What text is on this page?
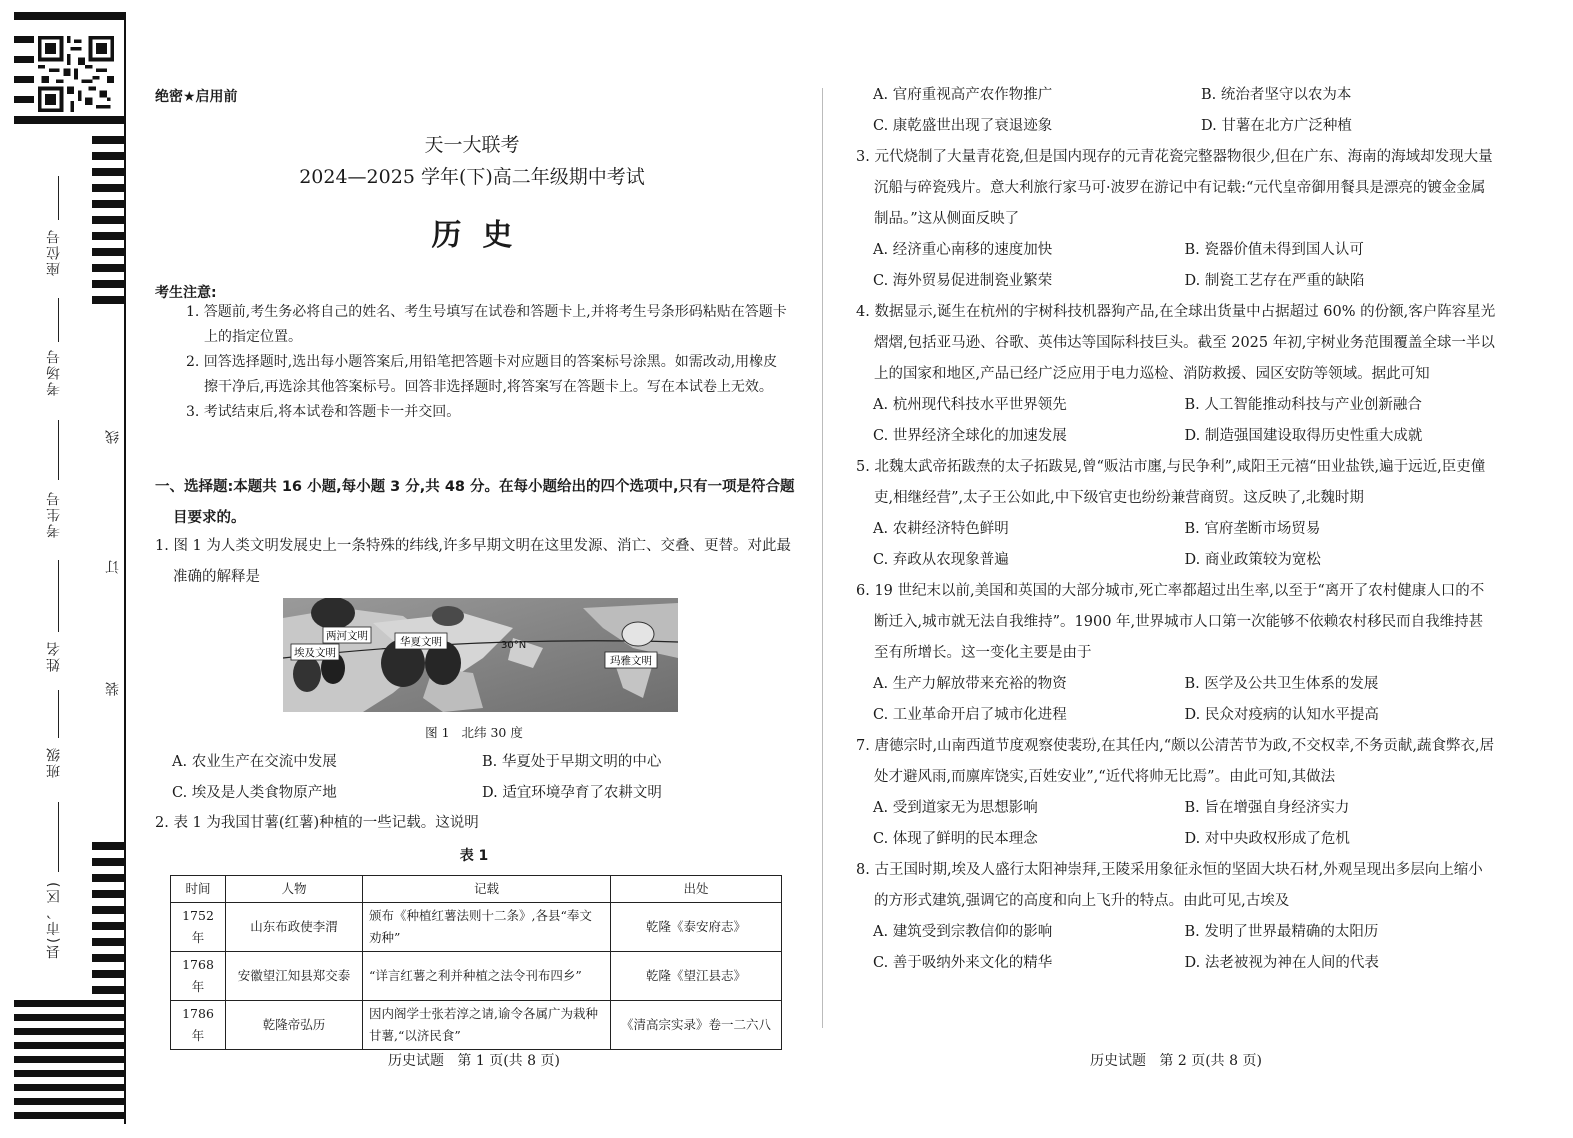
座位号
考场号
考生号
姓名
班级
县(市、区)
线
订
装
绝密★启用前
天一大联考
2024—2025 学年(下)高二年级期中考试
历  史
考生注意:

1. 答题前,考生务必将自己的姓名、考生号填写在试卷和答题卡上,并将考生号条形码粘贴在答题卡上的指定位置。

2. 回答选择题时,选出每小题答案后,用铅笔把答题卡对应题目的答案标号涂黑。如需改动,用橡皮擦干净后,再选涂其他答案标号。回答非选择题时,将答案写在答题卡上。写在本试卷上无效。

3. 考试结束后,将本试卷和答题卡一并交回。

一、选择题:本题共 16 小题,每小题 3 分,共 48 分。在每小题给出的四个选项中,只有一项是符合题目要求的。

1. 图 1 为人类文明发展史上一条特殊的纬线,许多早期文明在这里发源、消亡、交叠、更替。对此最准确的解释是

两河文明
埃及文明
华夏文明
玛雅文明
30°N
图 1   北纬 30 度
A. 农业生产在交流中发展	B. 华夏处于早期文明的中心
C. 埃及是人类食物原产地	D. 适宜环境孕育了农耕文明

2. 表 1 为我国甘薯(红薯)种植的一些记载。这说明

表 1
时间	人物	记载	出处
1752 年	山东布政使李渭	颁布《种植红薯法则十二条》,各县“奉文劝种”	乾隆《泰安府志》
1768 年	安徽望江知县郑交泰	“详言红薯之利并种植之法令刊布四乡”	乾隆《望江县志》
1786 年	乾隆帝弘历	因内阁学士张若淳之请,谕令各属广为栽种甘薯,“以济民食”	《清高宗实录》卷一二六八
历史试题   第 1 页(共 8 页)
A. 官府重视高产农作物推广	B. 统治者坚守以农为本
C. 康乾盛世出现了衰退迹象	D. 甘薯在北方广泛种植

3. 元代烧制了大量青花瓷,但是国内现存的元青花瓷完整器物很少,但在广东、海南的海域却发现大量沉船与碎瓷残片。意大利旅行家马可·波罗在游记中有记载:“元代皇帝御用餐具是漂亮的镀金金属制品。”这从侧面反映了

A. 经济重心南移的速度加快	B. 瓷器价值未得到国人认可
C. 海外贸易促进制瓷业繁荣	D. 制瓷工艺存在严重的缺陷

4. 数据显示,诞生在杭州的宇树科技机器狗产品,在全球出货量中占据超过 60% 的份额,客户阵容星光熠熠,包括亚马逊、谷歌、英伟达等国际科技巨头。截至 2025 年初,宇树业务范围覆盖全球一半以上的国家和地区,产品已经广泛应用于电力巡检、消防救援、园区安防等领域。据此可知

A. 杭州现代科技水平世界领先	B. 人工智能推动科技与产业创新融合
C. 世界经济全球化的加速发展	D. 制造强国建设取得历史性重大成就

5. 北魏太武帝拓跋焘的太子拓跋晃,曾“贩沽市廛,与民争利”,咸阳王元禧“田业盐铁,遍于远近,臣吏僮吏,相继经营”,太子王公如此,中下级官吏也纷纷兼营商贸。这反映了,北魏时期

A. 农耕经济特色鲜明	B. 官府垄断市场贸易
C. 弃政从农现象普遍	D. 商业政策较为宽松

6. 19 世纪末以前,美国和英国的大部分城市,死亡率都超过出生率,以至于“离开了农村健康人口的不断迁入,城市就无法自我维持”。1900 年,世界城市人口第一次能够不依赖农村移民而自我维持甚至有所增长。这一变化主要是由于

A. 生产力解放带来充裕的物资	B. 医学及公共卫生体系的发展
C. 工业革命开启了城市化进程	D. 民众对疫病的认知水平提高

7. 唐德宗时,山南西道节度观察使裴玢,在其任内,“颇以公清苦节为政,不交权幸,不务贡献,蔬食弊衣,居处才避风雨,而廪库饶实,百姓安业”,“近代将帅无比焉”。由此可知,其做法

A. 受到道家无为思想影响	B. 旨在增强自身经济实力
C. 体现了鲜明的民本理念	D. 对中央政权形成了危机

8. 古王国时期,埃及人盛行太阳神崇拜,王陵采用象征永恒的坚固大块石材,外观呈现出多层向上缩小的方形式建筑,强调它的高度和向上飞升的特点。由此可见,古埃及

A. 建筑受到宗教信仰的影响	B. 发明了世界最精确的太阳历
C. 善于吸纳外来文化的精华	D. 法老被视为神在人间的代表
历史试题   第 2 页(共 8 页)
